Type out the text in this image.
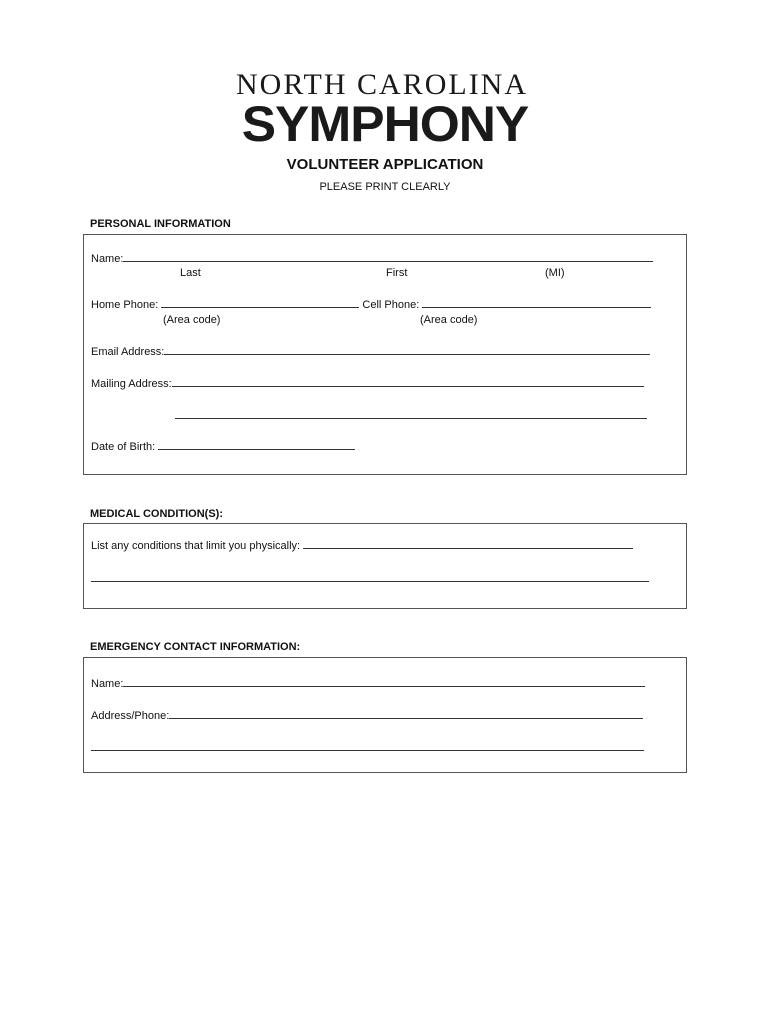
NORTH CAROLINA
SYMPHONY
VOLUNTEER APPLICATION
PLEASE PRINT CLEARLY
PERSONAL INFORMATION
Name:
Last	First	(MI)
Home Phone:	Cell Phone:
(Area code)	(Area code)
Email Address:
Mailing Address:
Date of Birth:
MEDICAL CONDITION(S):
List any conditions that limit you physically:
EMERGENCY CONTACT INFORMATION:
Name:
Address/Phone:
